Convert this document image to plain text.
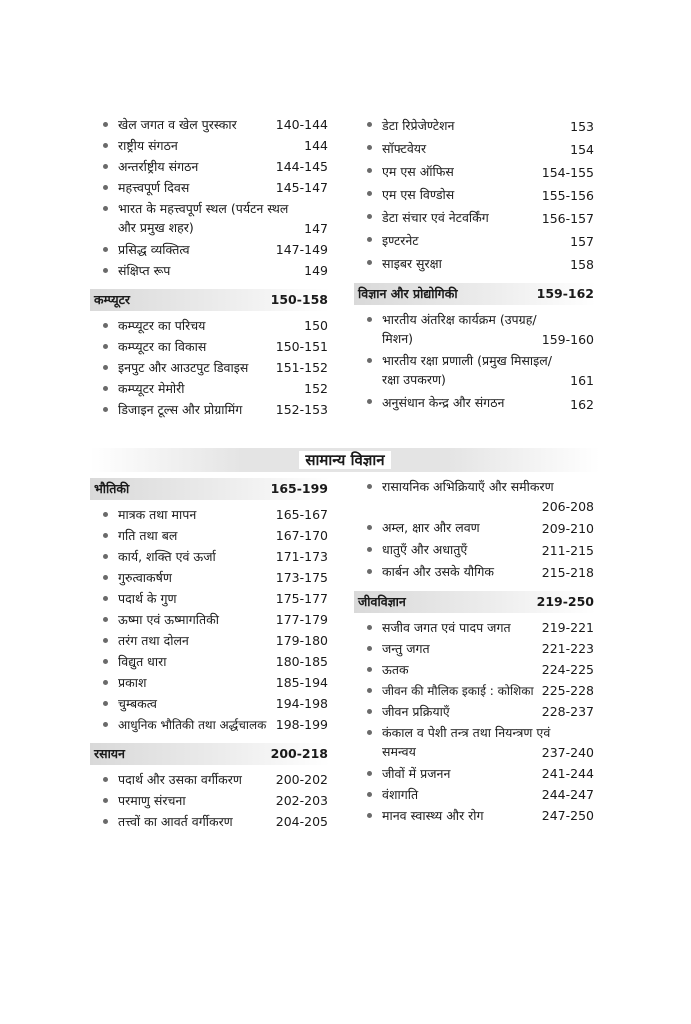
खेल जगत व खेल पुरस्कार	140-144
राष्ट्रीय संगठन	144
अन्तर्राष्ट्रीय संगठन	144-145
महत्त्वपूर्ण दिवस	145-147
भारत के महत्त्वपूर्ण स्थल (पर्यटन स्थल और प्रमुख शहर)	147
प्रसिद्ध व्यक्तित्व	147-149
संक्षिप्त रूप	149
कम्प्यूटर	150-158
कम्प्यूटर का परिचय	150
कम्प्यूटर का विकास	150-151
इनपुट और आउटपुट डिवाइस 151-152
कम्प्यूटर मेमोरी	152
डिजाइन टूल्स और प्रोग्रामिंग	152-153
डेटा रिप्रेजेण्टेशन	153
सॉफ्टवेयर	154
एम एस ऑफिस	154-155
एम एस विण्डोस	155-156
डेटा संचार एवं नेटवर्किंग	156-157
इण्टरनेट	157
साइबर सुरक्षा	158
विज्ञान और प्रोद्योगिकी	159-162
भारतीय अंतरिक्ष कार्यक्रम (उपग्रह/मिशन)	159-160
भारतीय रक्षा प्रणाली (प्रमुख मिसाइल/रक्षा उपकरण)	161
अनुसंधान केन्द्र और संगठन	162
सामान्य विज्ञान
भौतिकी	165-199
मात्रक तथा मापन	165-167
गति तथा बल	167-170
कार्य, शक्ति एवं ऊर्जा	171-173
गुरुत्वाकर्षण	173-175
पदार्थ के गुण	175-177
ऊष्मा एवं ऊष्मागतिकी	177-179
तरंग तथा दोलन	179-180
विद्युत धारा	180-185
प्रकाश	185-194
चुम्बकत्व	194-198
आधुनिक भौतिकी तथा अर्द्धचालक 198-199
रसायन	200-218
पदार्थ और उसका वर्गीकरण	200-202
परमाणु संरचना	202-203
तत्त्वों का आवर्त वर्गीकरण	204-205
रासायनिक अभिक्रियाएँ और समीकरण
206-208
अम्ल, क्षार और लवण	209-210
धातुएँ और अधातुएँ	211-215
कार्बन और उसके यौगिक	215-218
जीवविज्ञान	219-250
सजीव जगत एवं पादप जगत 219-221
जन्तु जगत	221-223
ऊतक	224-225
जीवन की मौलिक इकाई : कोशिका 225-228
जीवन प्रक्रियाएँ	228-237
कंकाल व पेशी तन्त्र तथा नियन्त्रण एवं समन्वय	237-240
जीवों में प्रजनन	241-244
वंशागति	244-247
मानव स्वास्थ्य और रोग	247-250
